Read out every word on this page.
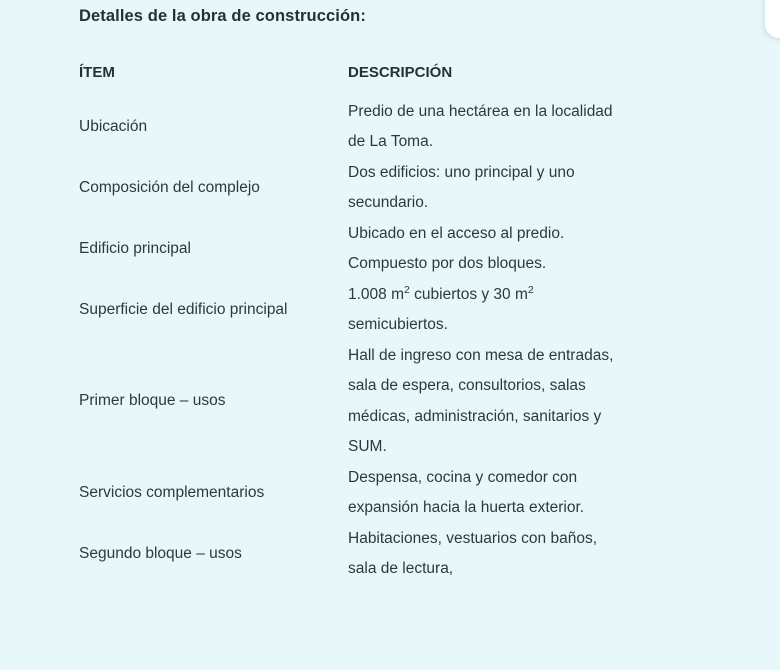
Detalles de la obra de construcción:
	ÍTEM	DESCRIPCIÓN	
	Ubicación	Predio de una hectárea en la localidad de La Toma.	
	Composición del complejo	Dos edificios: uno principal y uno secundario.	
	Edificio principal	Ubicado en el acceso al predio. Compuesto por dos bloques.	
	Superficie del edificio principal	1.008 $m^2$ cubiertos y 30 $m^2$ semicubiertos.	
	Primer bloque – usos	Hall de ingreso con mesa de entradas, sala de espera, consultorios, salas médicas, administración, sanitarios y SUM.	
	Servicios complementarios	Despensa, cocina y comedor con expansión hacia la huerta exterior.	
	Segundo bloque – usos	Habitaciones, vestuarios con baños, sala de lectura,	
